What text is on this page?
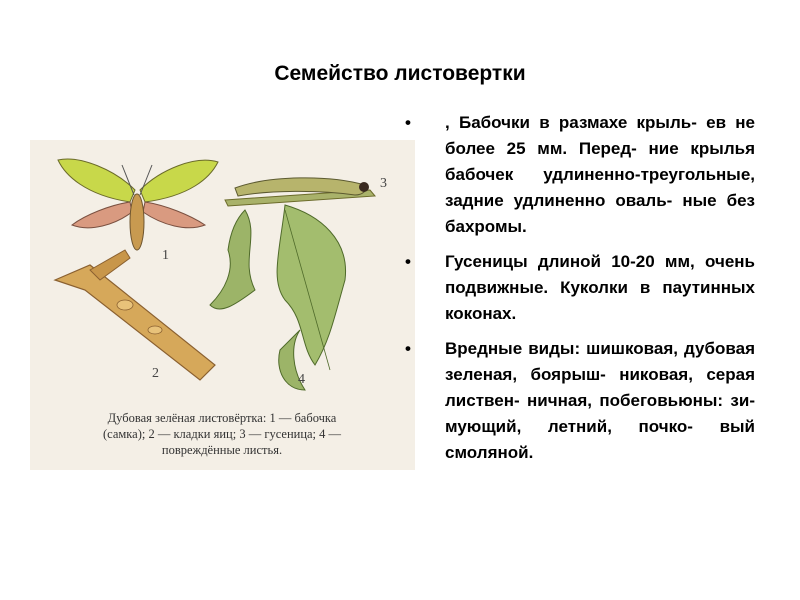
Семейство листовертки
1
2
3
4
Дубовая зелёная листовёртка: 1 — бабочка
(самка); 2 — кладки яиц; 3 — гусеница; 4 —
повреждённые листья.
• , Бабочки в размахе крыль- ев не более 25 мм. Перед- ние крылья бабочек удлиненно-треугольные, задние удлиненно оваль- ные без бахромы.
• Гусеницы длиной 10-20 мм, очень подвижные. Куколки в паутинных коконах.
• Вредные виды: шишковая, дубовая зеленая, боярыш- никовая, серая листвен- ничная, побеговьюны: зи- мующий, летний, почко- вый смоляной.
